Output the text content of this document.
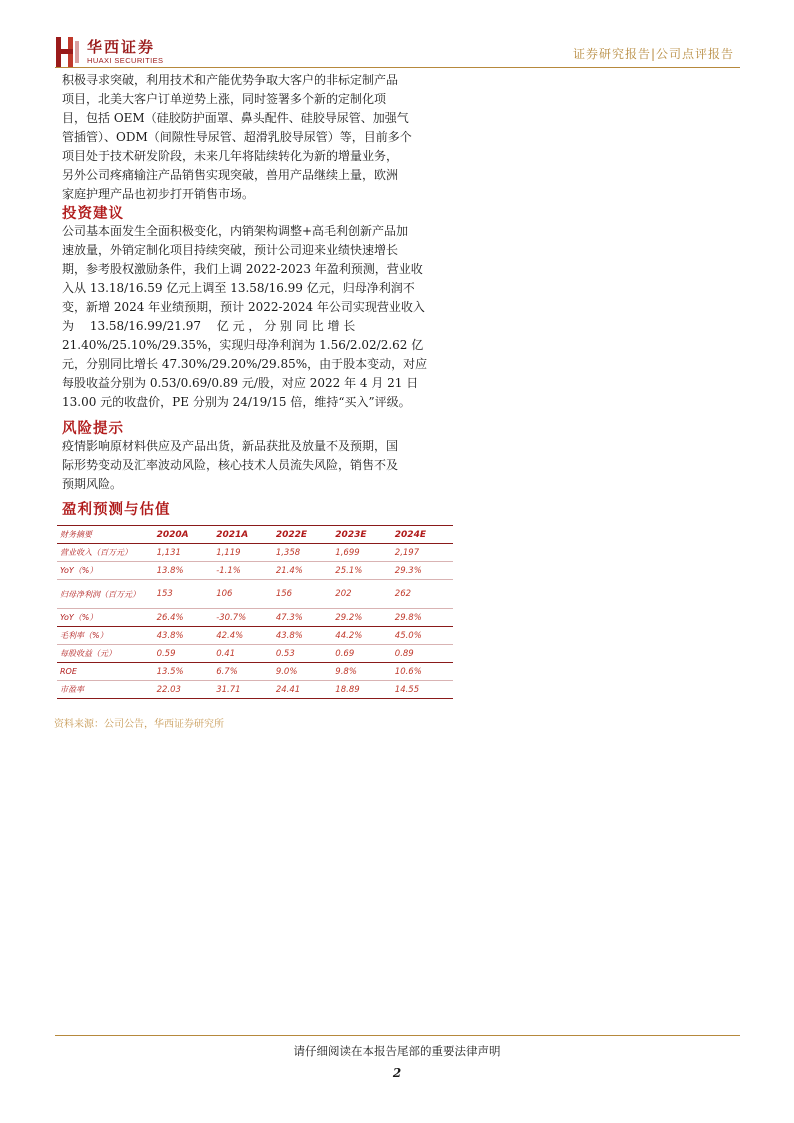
华西证券
HUAXI SECURITIES	证券研究报告|公司点评报告
积极寻求突破，利用技术和产能优势争取大客户的非标定制产品
项目，北美大客户订单逆势上涨，同时签署多个新的定制化项
目，包括 OEM（硅胶防护面罩、鼻头配件、硅胶导尿管、加强气
管插管）、ODM（间隙性导尿管、超滑乳胶导尿管）等，目前多个
项目处于技术研发阶段，未来几年将陆续转化为新的增量业务，
另外公司疼痛输注产品销售实现突破，兽用产品继续上量，欧洲
家庭护理产品也初步打开销售市场。
投资建议
公司基本面发生全面积极变化，内销架构调整+高毛利创新产品加
速放量，外销定制化项目持续突破，预计公司迎来业绩快速增长
期，参考股权激励条件，我们上调 2022-2023 年盈利预测，营业收
入从 13.18/16.59 亿元上调至 13.58/16.99 亿元，归母净利润不
变，新增 2024 年业绩预期，预计 2022-2024 年公司实现营业收入
为　 13.58/16.99/21.97　 亿 元 ， 分 别 同 比 增 长
21.40%/25.10%/29.35%，实现归母净利润为 1.56/2.02/2.62 亿
元，分别同比增长 47.30%/29.20%/29.85%，由于股本变动，对应
每股收益分别为 0.53/0.69/0.89 元/股，对应 2022 年 4 月 21 日
13.00 元的收盘价，PE 分别为 24/19/15 倍，维持“买入”评级。
风险提示
疫情影响原材料供应及产品出货，新品获批及放量不及预期，国
际形势变动及汇率波动风险，核心技术人员流失风险，销售不及
预期风险。
盈利预测与估值
财务摘要	2020A	2021A	2022E	2023E	2024E
营业收入（百万元）	1,131	1,119	1,358	1,699	2,197
YoY（%）	13.8%	-1.1%	21.4%	25.1%	29.3%
归母净利润（百万元）	153	106	156	202	262
YoY（%）	26.4%	-30.7%	47.3%	29.2%	29.8%
毛利率（%）	43.8%	42.4%	43.8%	44.2%	45.0%
每股收益（元）	0.59	0.41	0.53	0.69	0.89
ROE	13.5%	6.7%	9.0%	9.8%	10.6%
市盈率	22.03	31.71	24.41	18.89	14.55
资料来源：公司公告，华西证券研究所
请仔细阅读在本报告尾部的重要法律声明
2
